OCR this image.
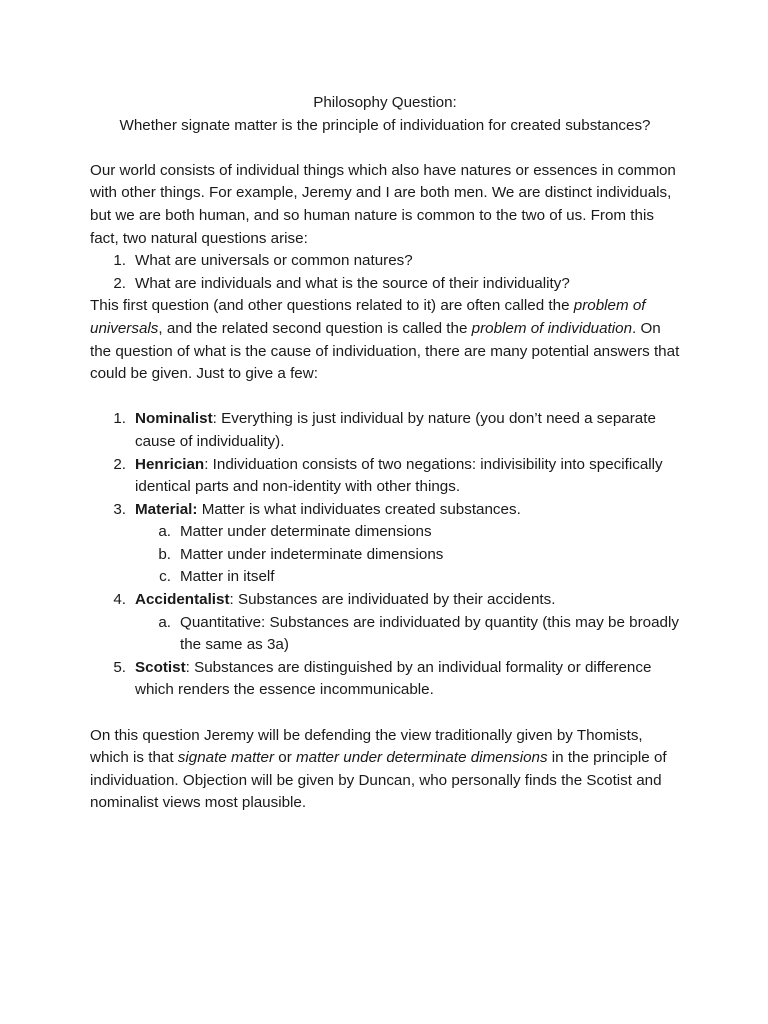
Philosophy Question:

Whether signate matter is the principle of individuation for created substances?

Our world consists of individual things which also have natures or essences in common with other things. For example, Jeremy and I are both men. We are distinct individuals, but we are both human, and so human nature is common to the two of us. From this fact, two natural questions arise:

1. What are universals or common natures?
2. What are individuals and what is the source of their individuality?

This first question (and other questions related to it) are often called the problem of universals, and the related second question is called the problem of individuation. On the question of what is the cause of individuation, there are many potential answers that could be given. Just to give a few:

1. Nominalist: Everything is just individual by nature (you don’t need a separate cause of individuality).
2. Henrician: Individuation consists of two negations: indivisibility into specifically identical parts and non-identity with other things.
3. Material: Matter is what individuates created substances.
a. Matter under determinate dimensions
b. Matter under indeterminate dimensions
c. Matter in itself
4. Accidentalist: Substances are individuated by their accidents.
a. Quantitative: Substances are individuated by quantity (this may be broadly the same as 3a)
5. Scotist: Substances are distinguished by an individual formality or difference which renders the essence incommunicable.

On this question Jeremy will be defending the view traditionally given by Thomists, which is that signate matter or matter under determinate dimensions in the principle of individuation. Objection will be given by Duncan, who personally finds the Scotist and nominalist views most plausible.
